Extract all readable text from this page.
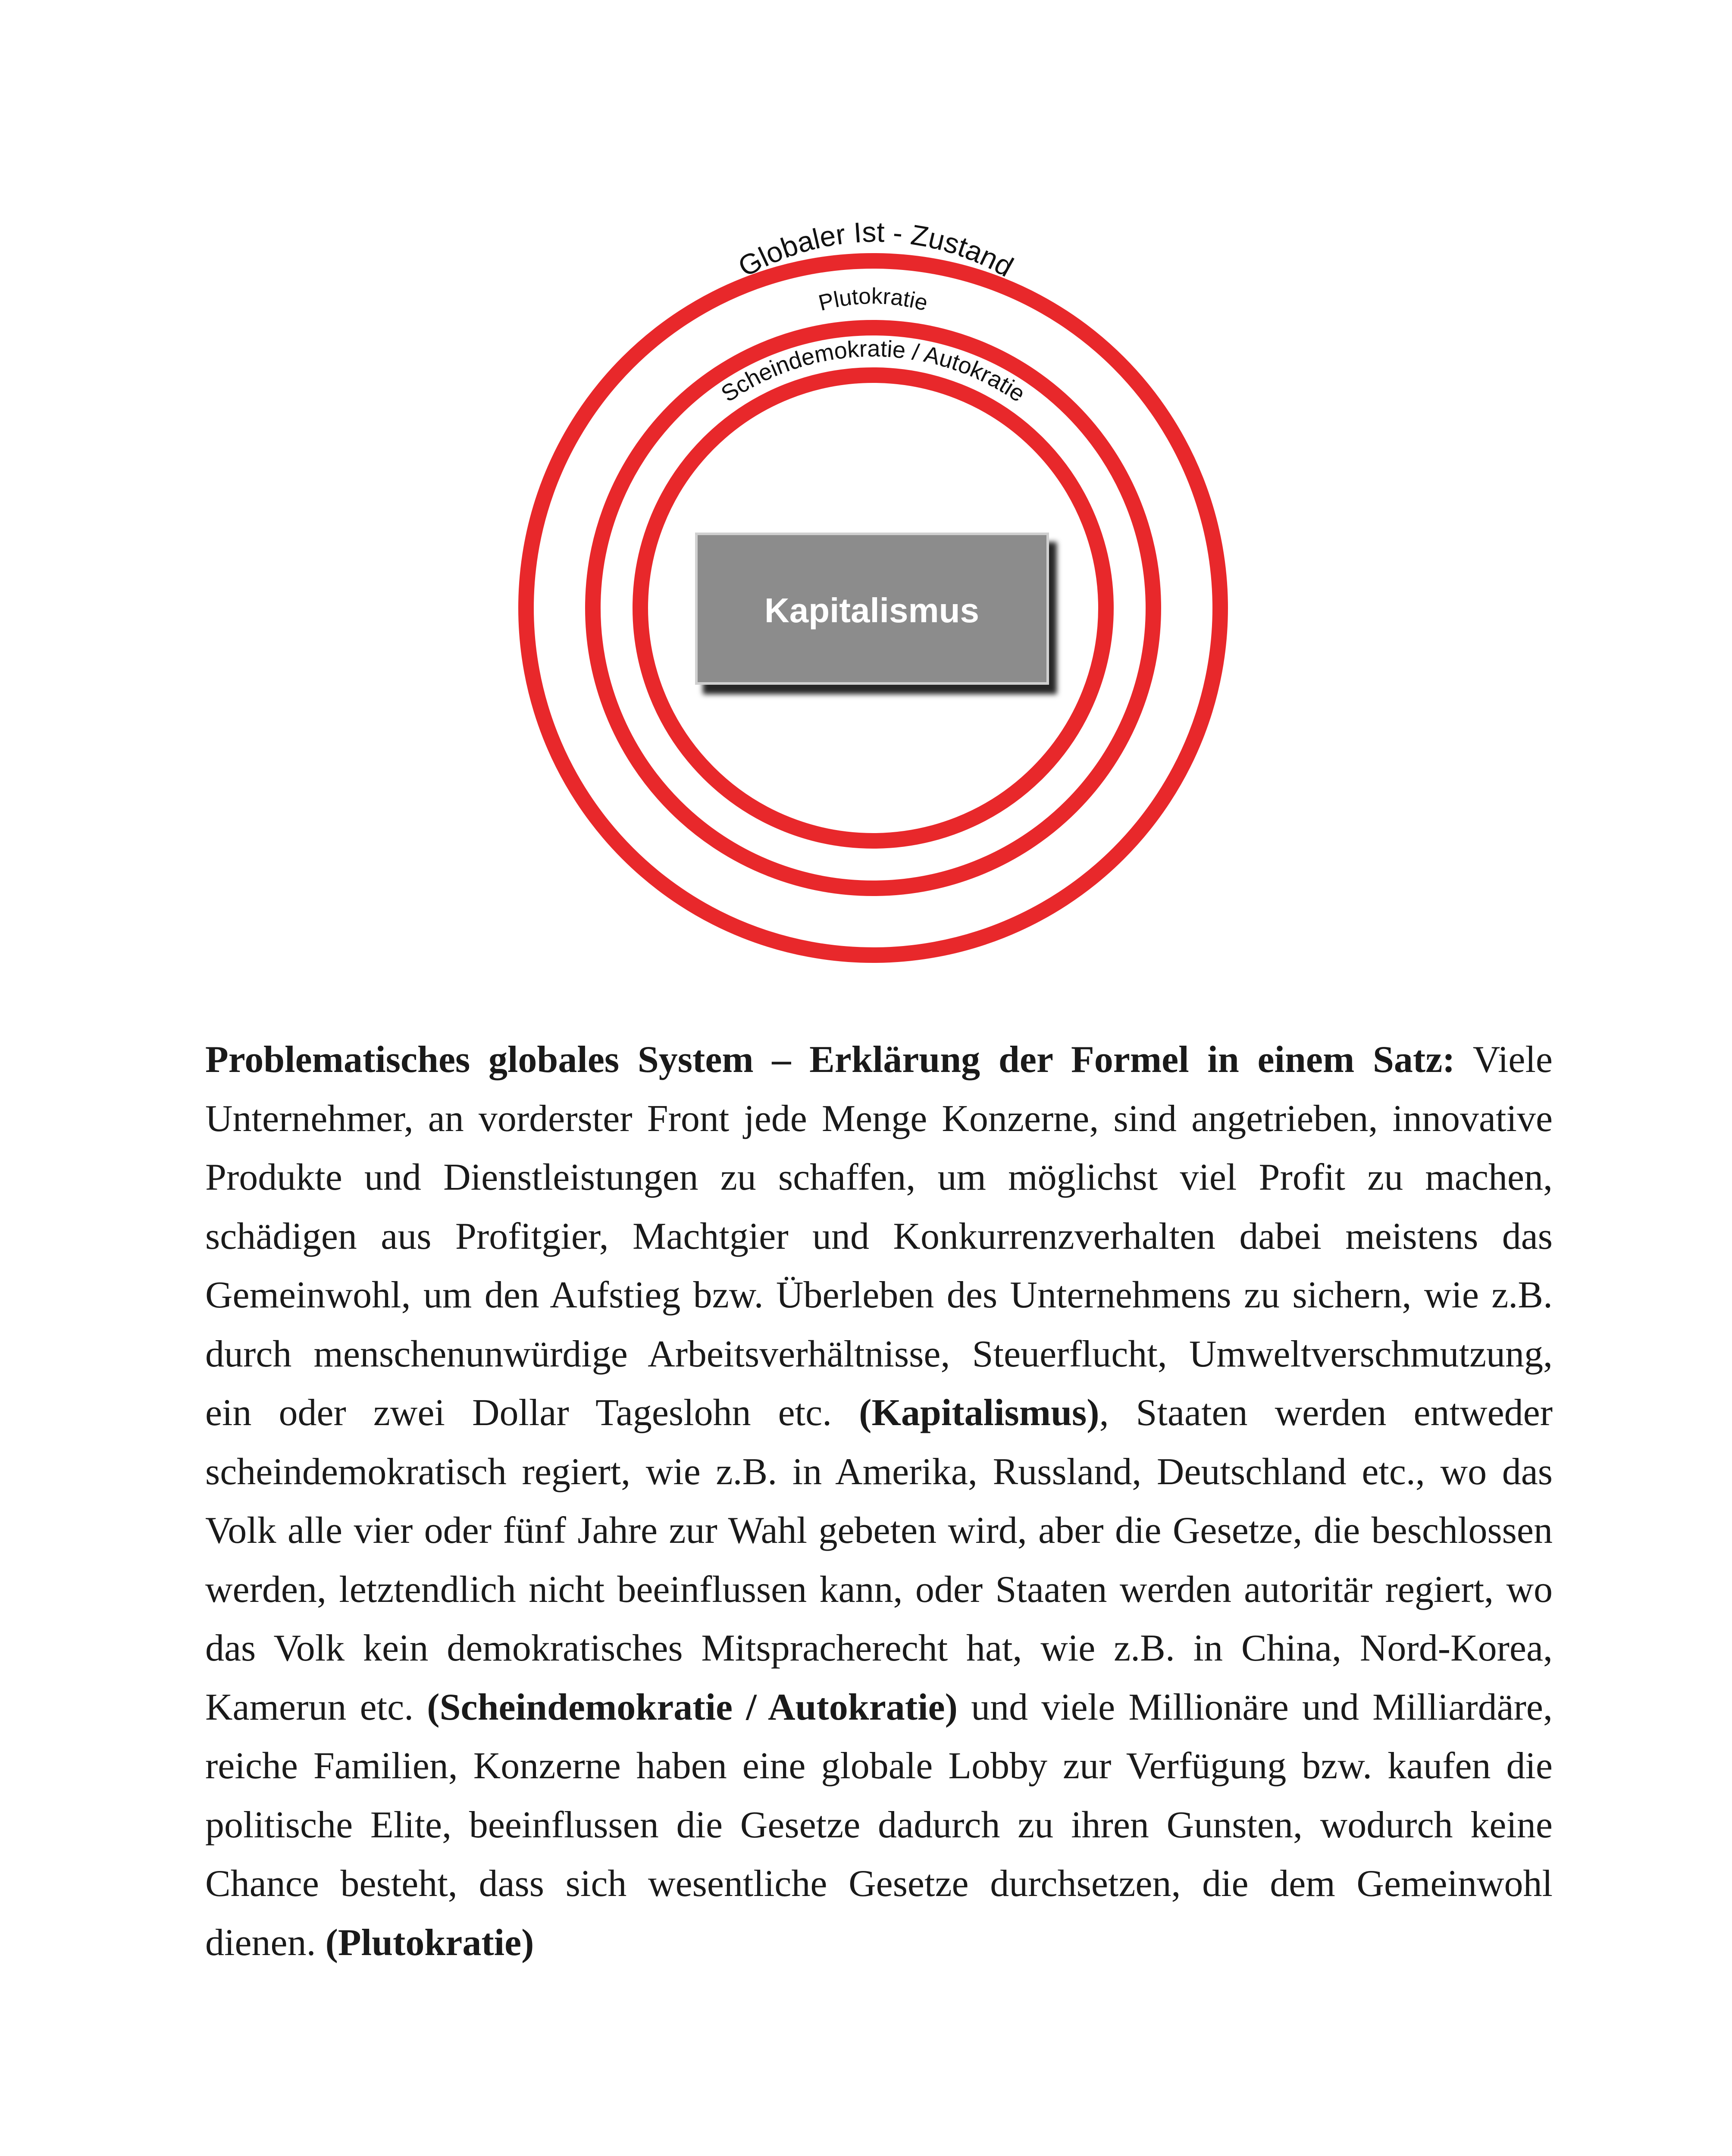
Globaler Ist - Zustand
Plutokratie
Scheindemokratie / Autokratie
Kapitalismus

Problematisches globales System – Erklärung der Formel in einem Satz: Viele Unternehmer, an vorderster Front jede Menge Konzerne, sind angetrieben, innovative Produkte und Dienstleistungen zu schaffen, um möglichst viel Profit zu machen, schädigen aus Profitgier, Machtgier und Konkurrenzverhalten dabei meistens das Gemeinwohl, um den Aufstieg bzw. Überleben des Unternehmens zu sichern, wie z.B. durch menschenunwürdige Arbeitsverhältnisse, Steuerflucht, Umweltverschmutzung, ein oder zwei Dollar Tageslohn etc. (Kapitalismus), Staaten werden entweder scheindemokratisch regiert, wie z.B. in Amerika, Russland, Deutschland etc., wo das Volk alle vier oder fünf Jahre zur Wahl gebeten wird, aber die Gesetze, die beschlossen werden, letztendlich nicht beeinflussen kann, oder Staaten werden autoritär regiert, wo das Volk kein demokratisches Mitspracherecht hat, wie z.B. in China, Nord-Korea, Kamerun etc. (Scheindemokratie / Autokratie) und viele Millionäre und Milliardäre, reiche Familien, Konzerne haben eine globale Lobby zur Verfügung bzw. kaufen die politische Elite, beeinflussen die Gesetze dadurch zu ihren Gunsten, wodurch keine Chance besteht, dass sich wesentliche Gesetze durchsetzen, die dem Gemeinwohl dienen. (Plutokratie)
